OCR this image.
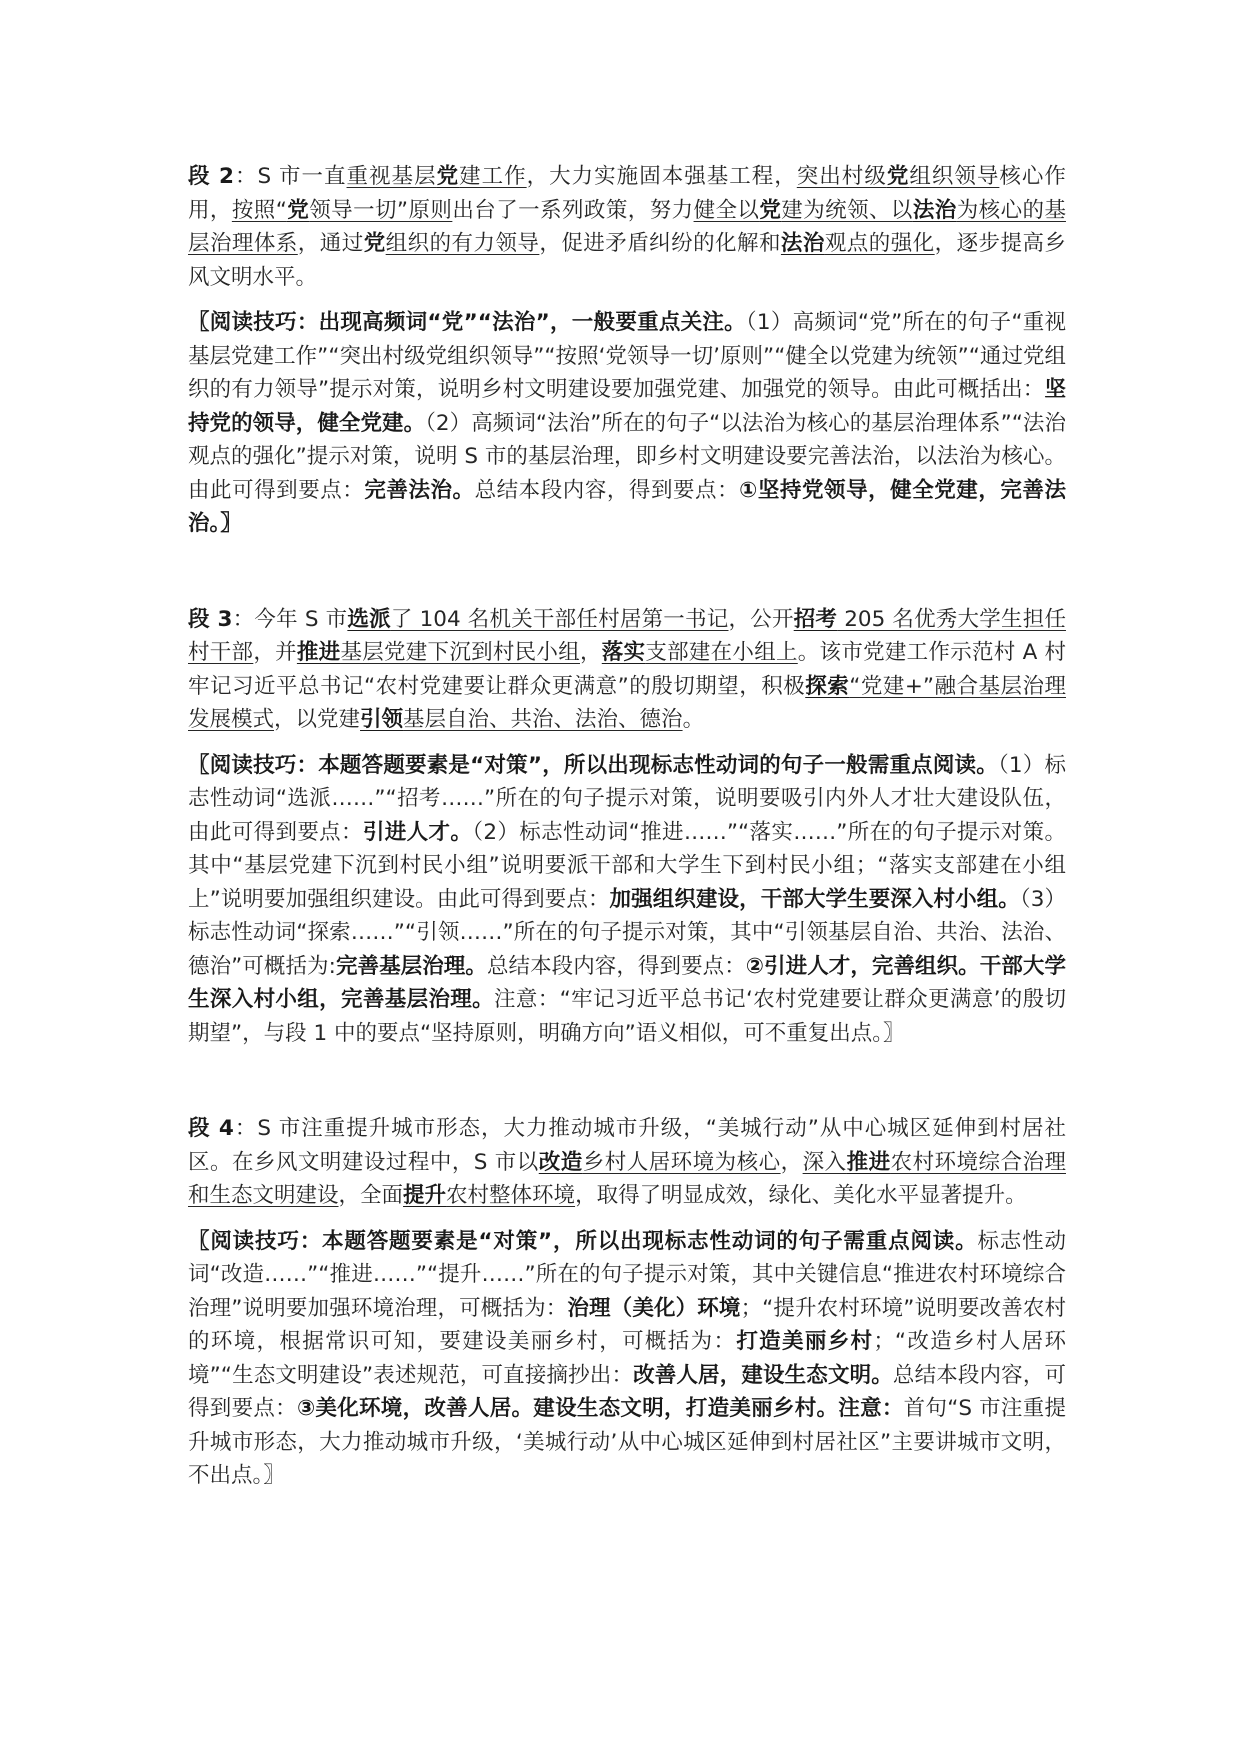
段 2：S 市一直重视基层党建工作，大力实施固本强基工程，突出村级党组织领导核心作用，按照“党领导一切”原则出台了一系列政策，努力健全以党建为统领、以法治为核心的基层治理体系，通过党组织的有力领导，促进矛盾纠纷的化解和法治观点的强化，逐步提高乡风文明水平。

〖阅读技巧：出现高频词“党”“法治”，一般要重点关注。（1）高频词“党”所在的句子“重视基层党建工作”“突出村级党组织领导”“按照‘党领导一切’原则”“健全以党建为统领”“通过党组织的有力领导”提示对策，说明乡村文明建设要加强党建、加强党的领导。由此可概括出：坚持党的领导，健全党建。（2）高频词“法治”所在的句子“以法治为核心的基层治理体系”“法治观点的强化”提示对策，说明 S 市的基层治理，即乡村文明建设要完善法治，以法治为核心。由此可得到要点：完善法治。总结本段内容，得到要点：①坚持党领导，健全党建，完善法治。〗

段 3：今年 S 市选派了 104 名机关干部任村居第一书记，公开招考 205 名优秀大学生担任村干部，并推进基层党建下沉到村民小组，落实支部建在小组上。该市党建工作示范村 A 村牢记习近平总书记“农村党建要让群众更满意”的殷切期望，积极探索“党建+”融合基层治理发展模式，以党建引领基层自治、共治、法治、德治。

〖阅读技巧：本题答题要素是“对策”，所以出现标志性动词的句子一般需重点阅读。（1）标志性动词“选派……”“招考……”所在的句子提示对策，说明要吸引内外人才壮大建设队伍，由此可得到要点：引进人才。（2）标志性动词“推进……”“落实……”所在的句子提示对策。其中“基层党建下沉到村民小组”说明要派干部和大学生下到村民小组；“落实支部建在小组上”说明要加强组织建设。由此可得到要点：加强组织建设，干部大学生要深入村小组。（3）标志性动词“探索……”“引领……”所在的句子提示对策，其中“引领基层自治、共治、法治、德治”可概括为:完善基层治理。总结本段内容，得到要点：②引进人才，完善组织。干部大学生深入村小组，完善基层治理。注意：“牢记习近平总书记‘农村党建要让群众更满意’的殷切期望”，与段 1 中的要点“坚持原则，明确方向”语义相似，可不重复出点。〗

段 4：S 市注重提升城市形态，大力推动城市升级，“美城行动”从中心城区延伸到村居社区。在乡风文明建设过程中，S 市以改造乡村人居环境为核心，深入推进农村环境综合治理和生态文明建设，全面提升农村整体环境，取得了明显成效，绿化、美化水平显著提升。

〖阅读技巧：本题答题要素是“对策”，所以出现标志性动词的句子需重点阅读。标志性动词“改造……”“推进……”“提升……”所在的句子提示对策，其中关键信息“推进农村环境综合治理”说明要加强环境治理，可概括为：治理（美化）环境；“提升农村环境”说明要改善农村的环境，根据常识可知，要建设美丽乡村，可概括为：打造美丽乡村；“改造乡村人居环境”“生态文明建设”表述规范，可直接摘抄出：改善人居，建设生态文明。总结本段内容，可得到要点：③美化环境，改善人居。建设生态文明，打造美丽乡村。注意：首句“S 市注重提升城市形态，大力推动城市升级，‘美城行动’从中心城区延伸到村居社区”主要讲城市文明，不出点。〗
